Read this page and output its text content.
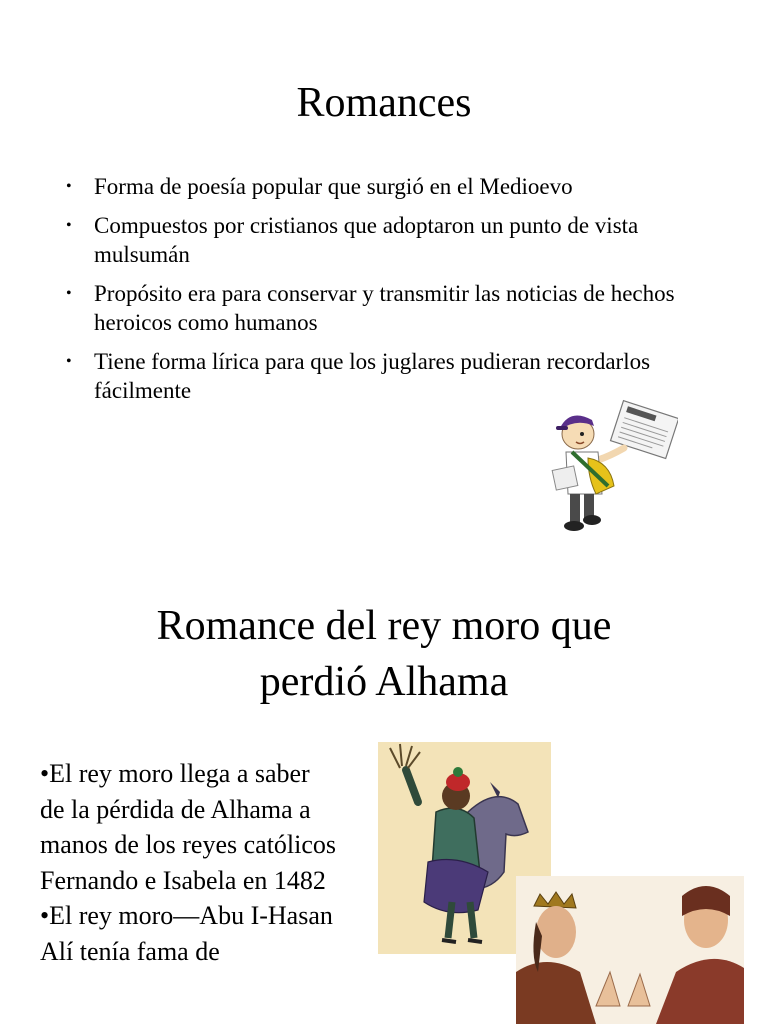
Romances
• Forma de poesía popular que surgió en el Medioevo
• Compuestos por cristianos que adoptaron un punto de vista mulsumán
• Propósito era para conservar y transmitir las noticias de hechos heroicos como humanos
• Tiene forma lírica para que los juglares pudieran recordarlos fácilmente
Romance del rey moro que
perdió Alhama
•El rey moro llega a saber de la pérdida de Alhama a manos de los reyes católicos Fernando e Isabela en 1482
•El rey moro—Abu I-Hasan Alí tenía fama de
